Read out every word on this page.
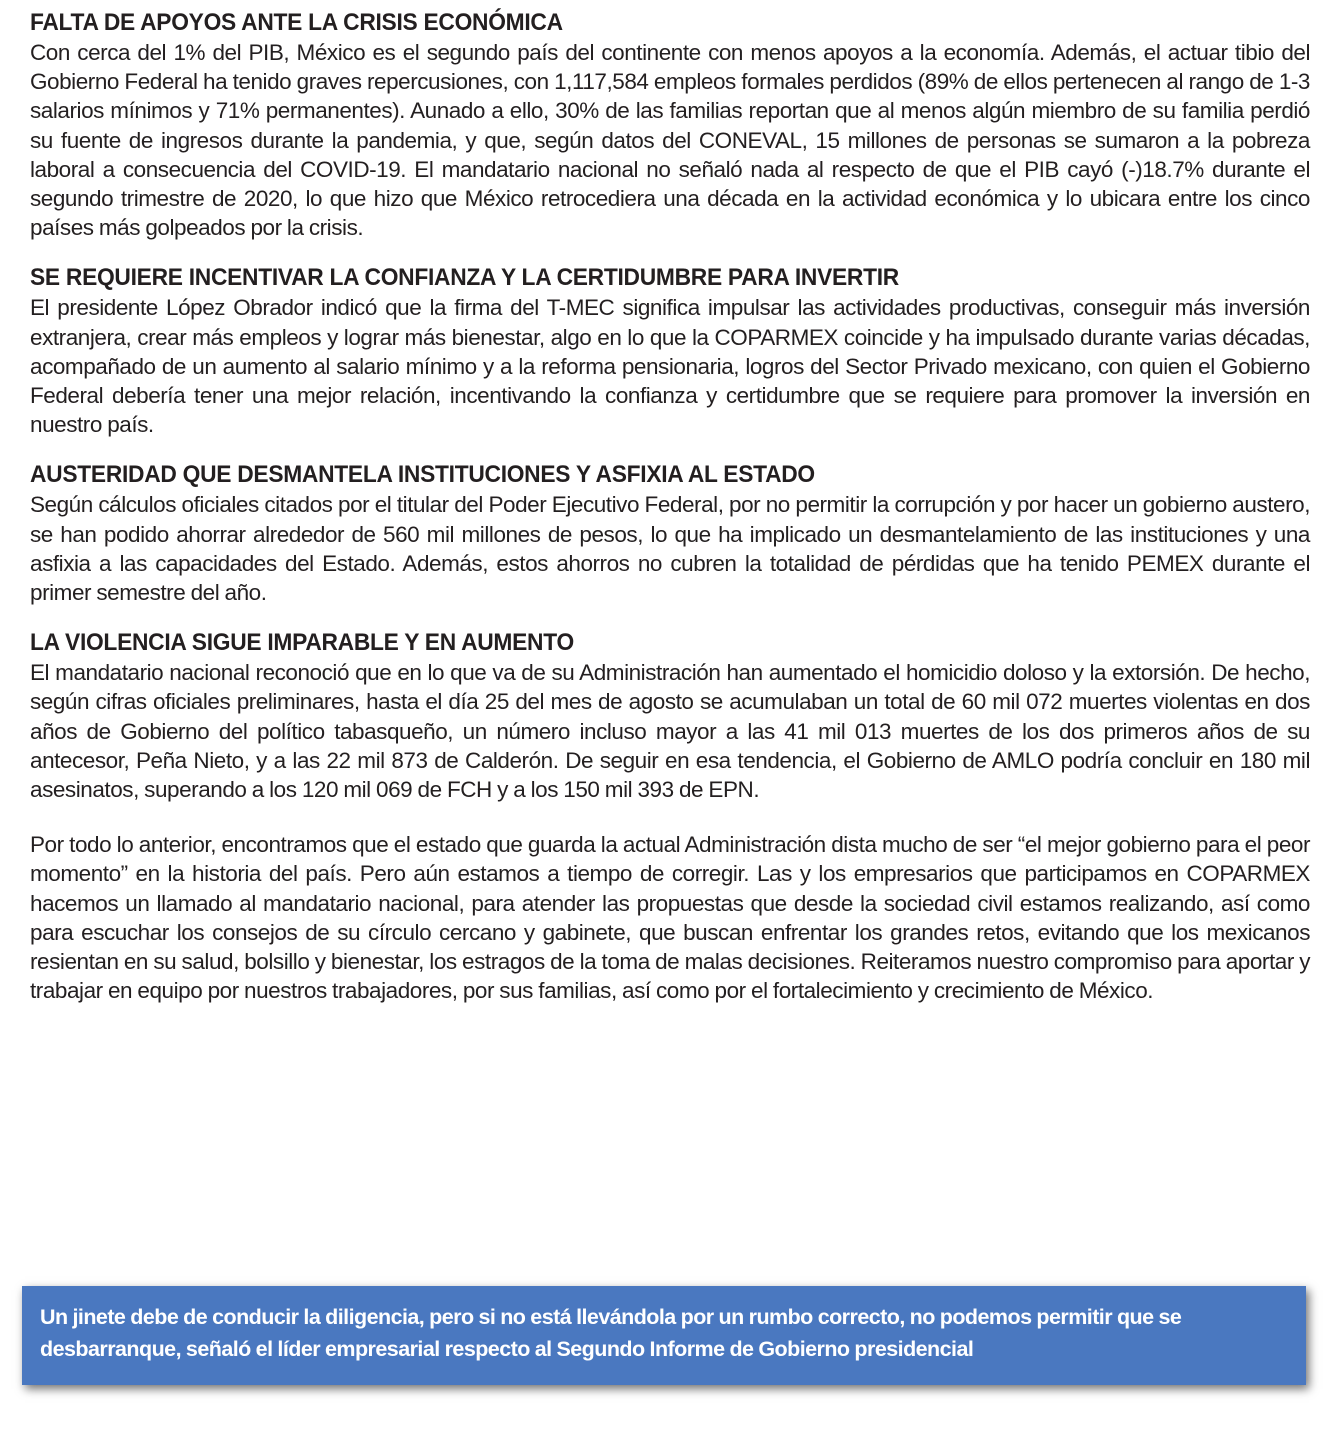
FALTA DE APOYOS ANTE LA CRISIS ECONÓMICA

Con cerca del 1% del PIB, México es el segundo país del continente con menos apoyos a la economía. Además, el actuar tibio del Gobierno Federal ha tenido graves repercusiones, con 1,117,584 empleos formales perdidos (89% de ellos pertenecen al rango de 1-3 salarios mínimos y 71% permanentes). Aunado a ello, 30% de las familias reportan que al menos algún miembro de su familia perdió su fuente de ingresos durante la pandemia, y que, según datos del CONEVAL, 15 millones de personas se sumaron a la pobreza laboral a consecuencia del COVID-19. El mandatario nacional no señaló nada al respecto de que el PIB cayó (-)18.7% durante el segundo trimestre de 2020, lo que hizo que México retrocediera una década en la actividad económica y lo ubicara entre los cinco países más golpeados por la crisis.

SE REQUIERE INCENTIVAR LA CONFIANZA Y LA CERTIDUMBRE PARA INVERTIR

El presidente López Obrador indicó que la firma del T-MEC significa impulsar las actividades productivas, conseguir más inversión extranjera, crear más empleos y lograr más bienestar, algo en lo que la COPARMEX coincide y ha impulsado durante varias décadas, acompañado de un aumento al salario mínimo y a la reforma pensionaria, logros del Sector Privado mexicano, con quien el Gobierno Federal debería tener una mejor relación, incentivando la confianza y certidumbre que se requiere para promover la inversión en nuestro país.

AUSTERIDAD QUE DESMANTELA INSTITUCIONES Y ASFIXIA AL ESTADO

Según cálculos oficiales citados por el titular del Poder Ejecutivo Federal, por no permitir la corrupción y por hacer un gobierno austero, se han podido ahorrar alrededor de 560 mil millones de pesos, lo que ha implicado un desmantelamiento de las instituciones y una asfixia a las capacidades del Estado. Además, estos ahorros no cubren la totalidad de pérdidas que ha tenido PEMEX durante el primer semestre del año.

LA VIOLENCIA SIGUE IMPARABLE Y EN AUMENTO

El mandatario nacional reconoció que en lo que va de su Administración han aumentado el homicidio doloso y la extorsión. De hecho, según cifras oficiales preliminares, hasta el día 25 del mes de agosto se acumulaban un total de 60 mil 072 muertes violentas en dos años de Gobierno del político tabasqueño, un número incluso mayor a las 41 mil 013 muertes de los dos primeros años de su antecesor, Peña Nieto, y a las 22 mil 873 de Calderón. De seguir en esa tendencia, el Gobierno de AMLO podría concluir en 180 mil asesinatos, superando a los 120 mil 069 de FCH y a los 150 mil 393 de EPN.

Por todo lo anterior, encontramos que el estado que guarda la actual Administración dista mucho de ser “el mejor gobierno para el peor momento” en la historia del país. Pero aún estamos a tiempo de corregir. Las y los empresarios que participamos en COPARMEX hacemos un llamado al mandatario nacional, para atender las propuestas que desde la sociedad civil estamos realizando, así como para escuchar los consejos de su círculo cercano y gabinete, que buscan enfrentar los grandes retos, evitando que los mexicanos resientan en su salud, bolsillo y bienestar, los estragos de la toma de malas decisiones. Reiteramos nuestro compromiso para aportar y trabajar en equipo por nuestros trabajadores, por sus familias, así como por el fortalecimiento y crecimiento de México.

Un jinete debe de conducir la diligencia, pero si no está llevándola por un rumbo correcto, no podemos permitir que se desbarranque, señaló el líder empresarial respecto al Segundo Informe de Gobierno presidencial
